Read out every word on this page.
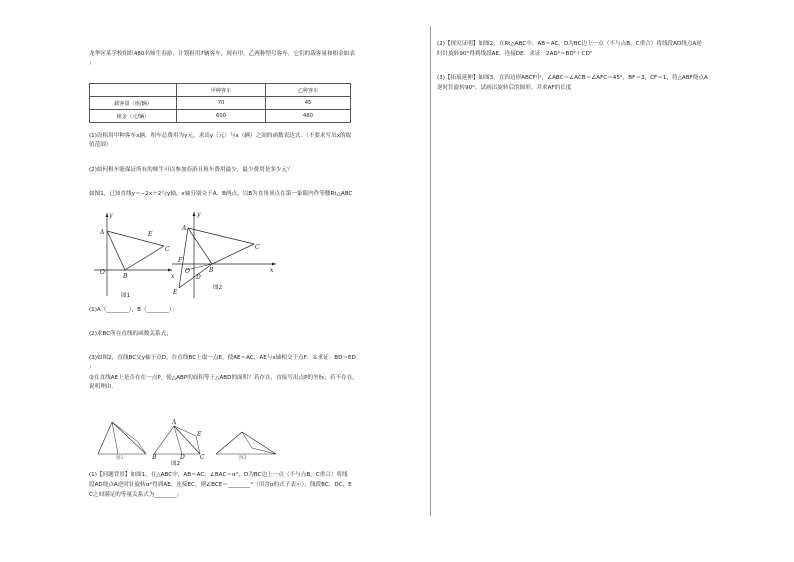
龙华区某学校组织480名师生春游，计划租用7辆客车，现有甲、乙两种型号客车，它们的载客量和租金如表
；
	甲种客车	乙种客车
载客量（座/辆）	70	45
租金（元/辆）	600	480
(1)设租用甲种客车x辆，租车总费用为y元，求出y（元）与x（辆）之间的函数表达式．（不要求写出x的取
值范围）
(2)如何租车能保证所有的师生可以参加春游且租车费用最少，最少费用是多少元？
如图1，已知直线y＝−2x＋2与y轴，x轴分别交于A，B两点，以B为直角顶点在第一象限内作等腰Rt△ABC
y
A	E
C
O
B	x
图1
y
A
C
F
O	B	x
E
D
图2
(1)A（________），B（________）；
(2)求BC所在直线的函数关系式；
(3)如图2，直线BC交y轴于点D，在直线BC上取一点E，使AE＝AC，AE与x轴相交于点F．①求证：BD＝ED
；
②在直线AE上是否存在一点P，使△ABP的面积等于△ABD的面积？若存在，直接写出点P的坐标；若不存在，
说明理由．
图1
A
E
B	D	C
图2
图3
(1)【问题背景】如图1，在△ABC中，AB＝AC，∠BAC＝α°，D为BC边上一点（不与点B，C重合）将线
段AD绕点A逆时针旋转α°得到AE，连接EC，则∠BCE＝________°（用含α的式子表示），线段BC，DC，E
C之间满足的等量关系式为________；
(2)【探究证明】如图2，在Rt△ABC中，AB＝AC，D为BC边上一点（不与点B，C重合）将线段AD绕点A逆
时针旋转90°得到线段AE，连接DE．求证：2AD²＝BD²＋CD²
(3)【拓展延伸】如图3，在四边形ABCF中，∠ABC＝∠ACB＝∠AFC＝45°，BF＝3，CF＝1，将△ABF绕点A
逆时针旋转90°，试画出旋转后的图形，并求AF的长度
